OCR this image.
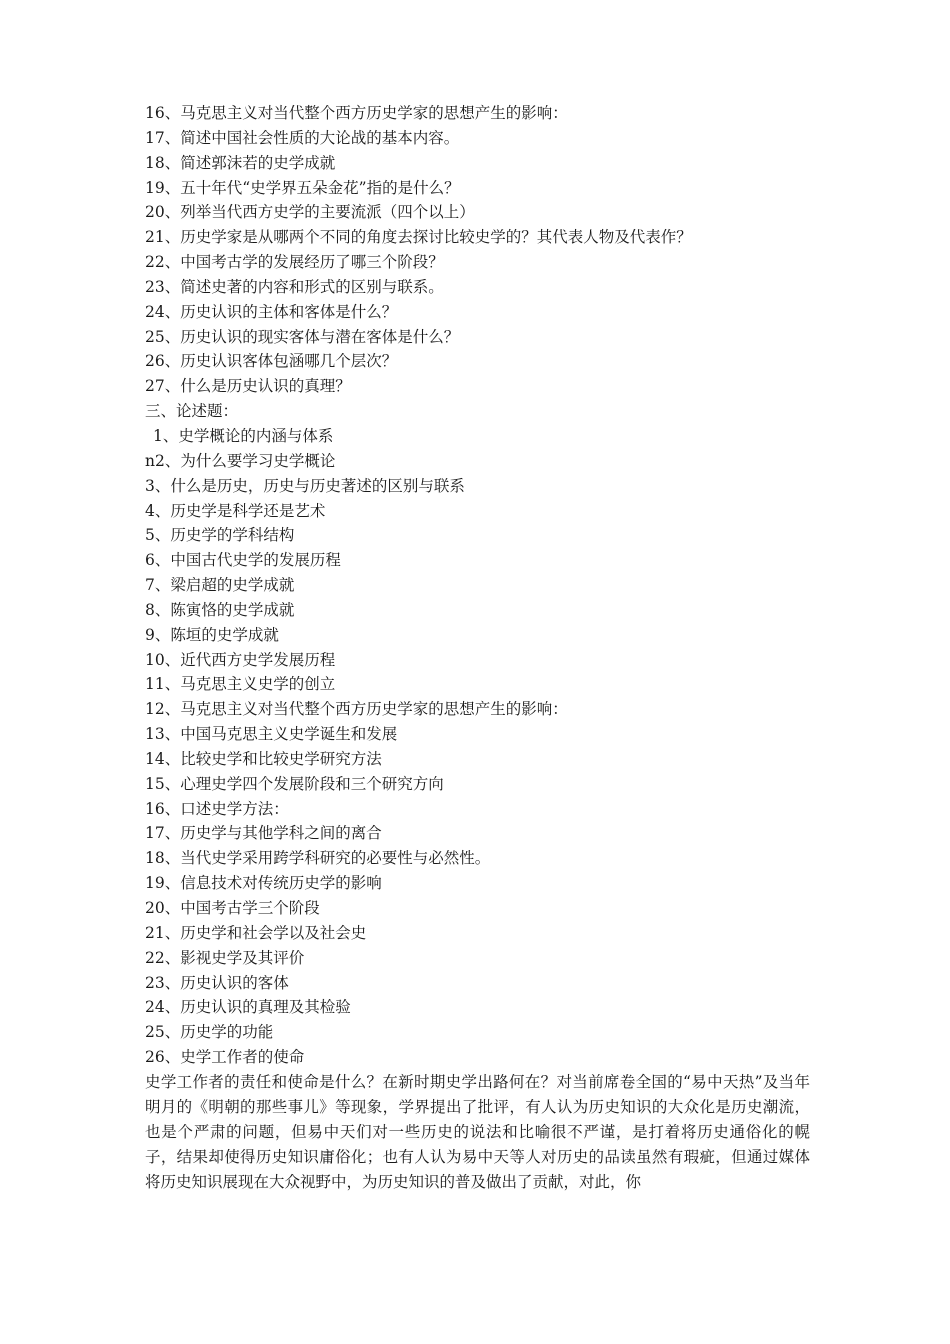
16、马克思主义对当代整个西方历史学家的思想产生的影响：
17、简述中国社会性质的大论战的基本内容。
18、简述郭沫若的史学成就
19、五十年代“史学界五朵金花”指的是什么？
20、列举当代西方史学的主要流派（四个以上）
21、历史学家是从哪两个不同的角度去探讨比较史学的？其代表人物及代表作？
22、中国考古学的发展经历了哪三个阶段？
23、简述史著的内容和形式的区别与联系。
24、历史认识的主体和客体是什么？
25、历史认识的现实客体与潜在客体是什么？
26、历史认识客体包涵哪几个层次？
27、什么是历史认识的真理？
三、论述题：
1、史学概论的内涵与体系
n2、为什么要学习史学概论
3、什么是历史，历史与历史著述的区别与联系
4、历史学是科学还是艺术
5、历史学的学科结构
6、中国古代史学的发展历程
7、梁启超的史学成就
8、陈寅恪的史学成就
9、陈垣的史学成就
10、近代西方史学发展历程
11、马克思主义史学的创立
12、马克思主义对当代整个西方历史学家的思想产生的影响：
13、中国马克思主义史学诞生和发展
14、比较史学和比较史学研究方法
15、心理史学四个发展阶段和三个研究方向
16、口述史学方法：
17、历史学与其他学科之间的离合
18、当代史学采用跨学科研究的必要性与必然性。
19、信息技术对传统历史学的影响
20、中国考古学三个阶段
21、历史学和社会学以及社会史
22、影视史学及其评价
23、历史认识的客体
24、历史认识的真理及其检验
25、历史学的功能
26、史学工作者的使命
史学工作者的责任和使命是什么？在新时期史学出路何在？对当前席卷全国的“易中天热”及当年明月的《明朝的那些事儿》等现象，学界提出了批评，有人认为历史知识的大众化是历史潮流，也是个严肃的问题，但易中天们对一些历史的说法和比喻很不严谨，是打着将历史通俗化的幌子，结果却使得历史知识庸俗化；也有人认为易中天等人对历史的品读虽然有瑕疵，但通过媒体将历史知识展现在大众视野中，为历史知识的普及做出了贡献，对此，你
